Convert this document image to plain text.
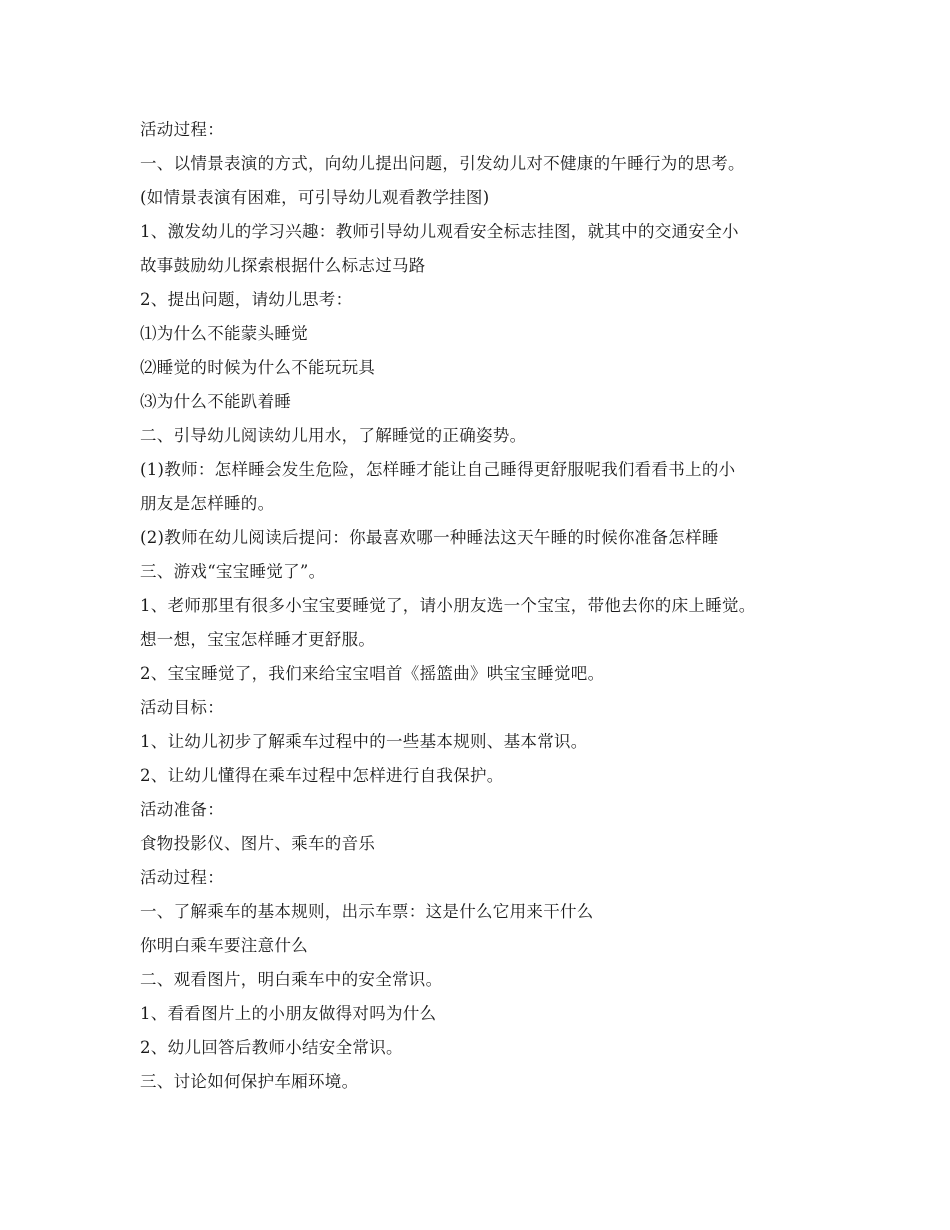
活动过程：
一、以情景表演的方式，向幼儿提出问题，引发幼儿对不健康的午睡行为的思考。
(如情景表演有困难，可引导幼儿观看教学挂图)
1、激发幼儿的学习兴趣：教师引导幼儿观看安全标志挂图，就其中的交通安全小
故事鼓励幼儿探索根据什么标志过马路
2、提出问题，请幼儿思考：
⑴为什么不能蒙头睡觉
⑵睡觉的时候为什么不能玩玩具
⑶为什么不能趴着睡
二、引导幼儿阅读幼儿用水，了解睡觉的正确姿势。
(1)教师：怎样睡会发生危险，怎样睡才能让自己睡得更舒服呢我们看看书上的小
朋友是怎样睡的。
(2)教师在幼儿阅读后提问：你最喜欢哪一种睡法这天午睡的时候你准备怎样睡
三、游戏“宝宝睡觉了”。
1、老师那里有很多小宝宝要睡觉了，请小朋友选一个宝宝，带他去你的床上睡觉。
想一想，宝宝怎样睡才更舒服。
2、宝宝睡觉了，我们来给宝宝唱首《摇篮曲》哄宝宝睡觉吧。
活动目标：
1、让幼儿初步了解乘车过程中的一些基本规则、基本常识。
2、让幼儿懂得在乘车过程中怎样进行自我保护。
活动准备：
食物投影仪、图片、乘车的音乐
活动过程：
一、了解乘车的基本规则，出示车票：这是什么它用来干什么
你明白乘车要注意什么
二、观看图片，明白乘车中的安全常识。
1、看看图片上的小朋友做得对吗为什么
2、幼儿回答后教师小结安全常识。
三、讨论如何保护车厢环境。
